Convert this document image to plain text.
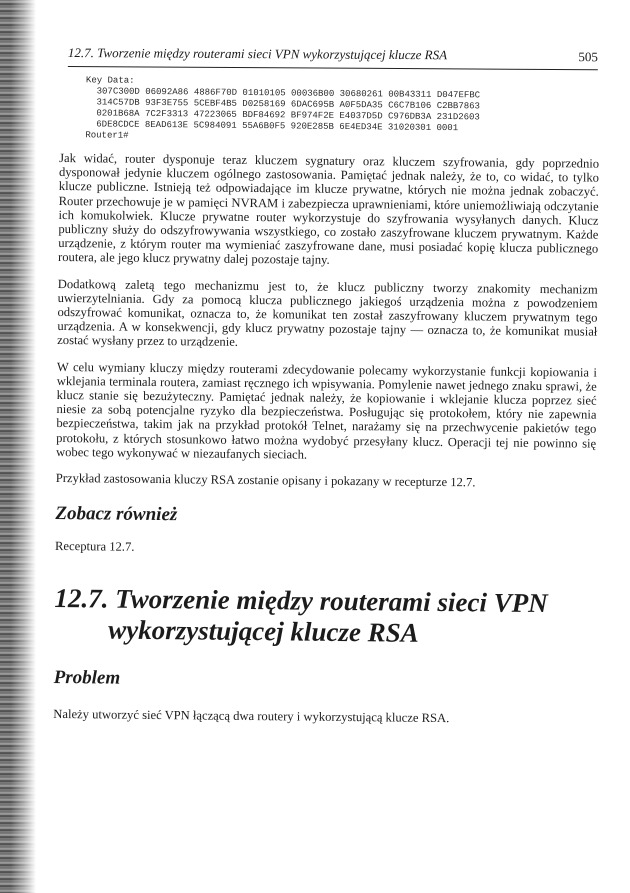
12.7. Tworzenie między routerami sieci VPN wykorzystującej klucze RSA	505
Key Data:
307C300D 06092A86 4886F70D 01010105 00036B00 30680261 00B43311 D047EFBC
314C57DB 93F3E755 5CEBF4B5 D0258169 6DAC695B A0F5DA35 C6C7B106 C2BB7863
0201B68A 7C2F3313 47223065 BDF84692 BF974F2E E4037D5D C976DB3A 231D2603
6DE8CDCE 8EAD613E 5C984091 55A6B0F5 920E285B 6E4ED34E 31020301 0001
Router1#

Jak widać, router dysponuje teraz kluczem sygnatury oraz kluczem szyfrowania, gdy poprzednio dysponował jedynie kluczem ogólnego zastosowania. Pamiętać jednak należy, że to, co widać, to tylko klucze publiczne. Istnieją też odpowiadające im klucze prywatne, których nie można jednak zobaczyć. Router przechowuje je w pamięci NVRAM i zabezpiecza uprawnieniami, które uniemożliwiają odczytanie ich komukolwiek. Klucze prywatne router wykorzystuje do szyfrowania wysyłanych danych. Klucz publiczny służy do odszyfrowywania wszystkiego, co zostało zaszyfrowane kluczem prywatnym. Każde urządzenie, z którym router ma wymieniać zaszyfrowane dane, musi posiadać kopię klucza publicznego routera, ale jego klucz prywatny dalej pozostaje tajny.

Dodatkową zaletą tego mechanizmu jest to, że klucz publiczny tworzy znakomity mechanizm uwierzytelniania. Gdy za pomocą klucza publicznego jakiegoś urządzenia można z powodzeniem odszyfrować komunikat, oznacza to, że komunikat ten został zaszyfrowany kluczem prywatnym tego urządzenia. A w konsekwencji, gdy klucz prywatny pozostaje tajny — oznacza to, że komunikat musiał zostać wysłany przez to urządzenie.

W celu wymiany kluczy między routerami zdecydowanie polecamy wykorzystanie funkcji kopiowania i wklejania terminala routera, zamiast ręcznego ich wpisywania. Pomylenie nawet jednego znaku sprawi, że klucz stanie się bezużyteczny. Pamiętać jednak należy, że kopiowanie i wklejanie klucza poprzez sieć niesie za sobą potencjalne ryzyko dla bezpieczeństwa. Posługując się protokołem, który nie zapewnia bezpieczeństwa, takim jak na przykład protokół Telnet, narażamy się na przechwycenie pakietów tego protokołu, z których stosunkowo łatwo można wydobyć przesyłany klucz. Operacji tej nie powinno się wobec tego wykonywać w niezaufanych sieciach.

Przykład zastosowania kluczy RSA zostanie opisany i pokazany w recepturze 12.7.

Zobacz również

Receptura 12.7.

12.7. Tworzenie między routerami sieci VPN
wykorzystującej klucze RSA
Problem

Należy utworzyć sieć VPN łączącą dwa routery i wykorzystującą klucze RSA.
